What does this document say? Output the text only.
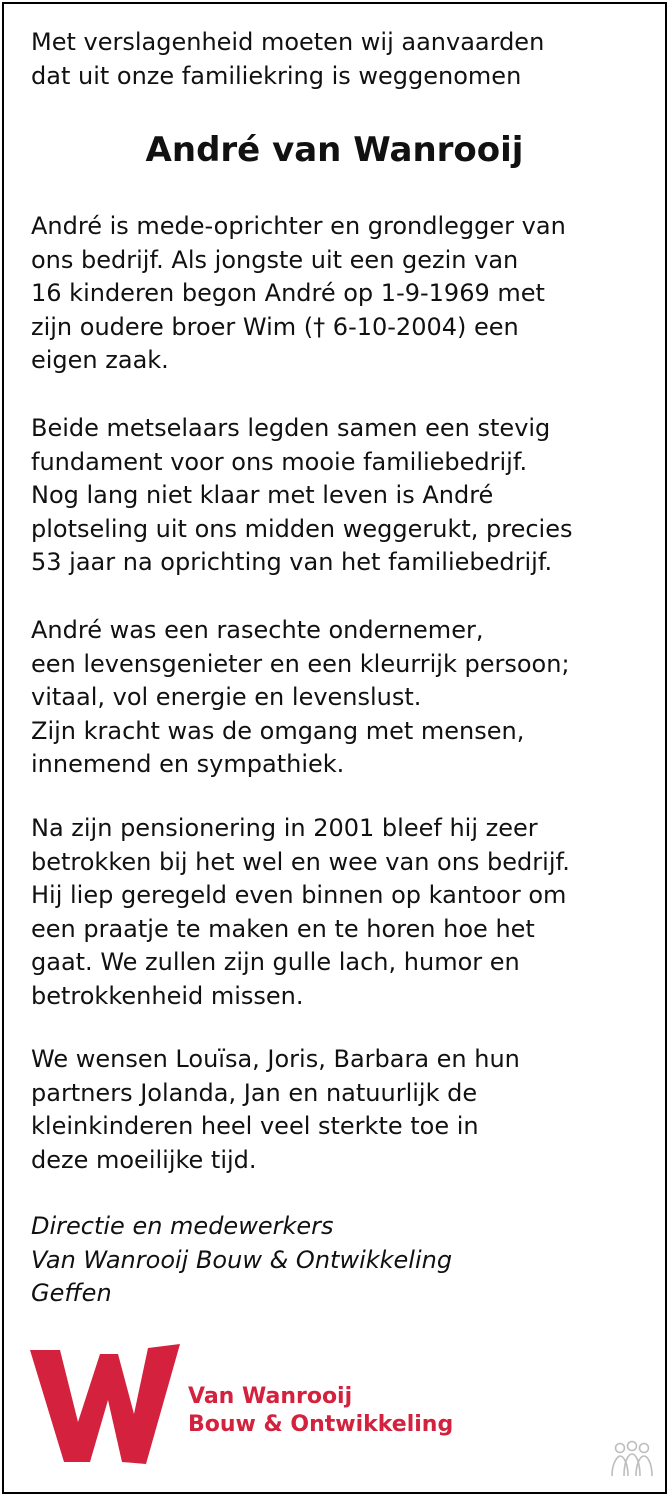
Met verslagenheid moeten wij aanvaarden
dat uit onze familiekring is weggenomen
André van Wanrooij
André is mede-oprichter en grondlegger van
ons bedrijf. Als jongste uit een gezin van
16 kinderen begon André op 1-9-1969 met
zijn oudere broer Wim († 6-10-2004) een
eigen zaak.
Beide metselaars legden samen een stevig
fundament voor ons mooie familiebedrijf.
Nog lang niet klaar met leven is André
plotseling uit ons midden weggerukt, precies
53 jaar na oprichting van het familiebedrijf.
André was een rasechte ondernemer,
een levensgenieter en een kleurrijk persoon;
vitaal, vol energie en levenslust.
Zijn kracht was de omgang met mensen,
innemend en sympathiek.
Na zijn pensionering in 2001 bleef hij zeer
betrokken bij het wel en wee van ons bedrijf.
Hij liep geregeld even binnen op kantoor om
een praatje te maken en te horen hoe het
gaat. We zullen zijn gulle lach, humor en
betrokkenheid missen.
We wensen Louïsa, Joris, Barbara en hun
partners Jolanda, Jan en natuurlijk de
kleinkinderen heel veel sterkte toe in
deze moeilijke tijd.
Directie en medewerkers
Van Wanrooij Bouw & Ontwikkeling
Geffen
Van Wanrooij
Bouw & Ontwikkeling
